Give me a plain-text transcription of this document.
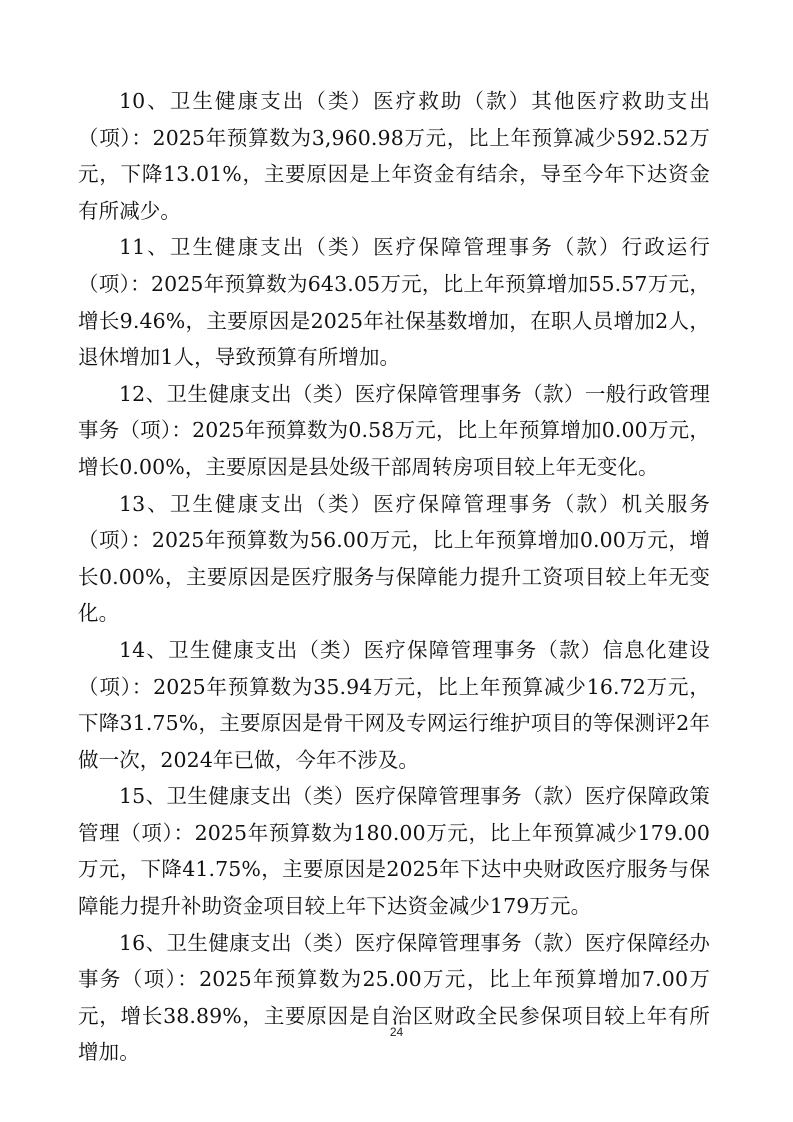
10、卫生健康支出（类）医疗救助（款）其他医疗救助支出（项）：2025年预算数为3,960.98万元，比上年预算减少592.52万元，下降13.01%，主要原因是上年资金有结余，导至今年下达资金有所减少。

11、卫生健康支出（类）医疗保障管理事务（款）行政运行（项）：2025年预算数为643.05万元，比上年预算增加55.57万元，增长9.46%，主要原因是2025年社保基数增加，在职人员增加2人，退休增加1人，导致预算有所增加。

12、卫生健康支出（类）医疗保障管理事务（款）一般行政管理事务（项）：2025年预算数为0.58万元，比上年预算增加0.00万元，增长0.00%，主要原因是县处级干部周转房项目较上年无变化。

13、卫生健康支出（类）医疗保障管理事务（款）机关服务（项）：2025年预算数为56.00万元，比上年预算增加0.00万元，增长0.00%，主要原因是医疗服务与保障能力提升工资项目较上年无变化。

14、卫生健康支出（类）医疗保障管理事务（款）信息化建设（项）：2025年预算数为35.94万元，比上年预算减少16.72万元，下降31.75%，主要原因是骨干网及专网运行维护项目的等保测评2年做一次，2024年已做，今年不涉及。

15、卫生健康支出（类）医疗保障管理事务（款）医疗保障政策管理（项）：2025年预算数为180.00万元，比上年预算减少179.00万元，下降41.75%，主要原因是2025年下达中央财政医疗服务与保障能力提升补助资金项目较上年下达资金减少179万元。

16、卫生健康支出（类）医疗保障管理事务（款）医疗保障经办事务（项）：2025年预算数为25.00万元，比上年预算增加7.00万元，增长38.89%，主要原因是自治区财政全民参保项目较上年有所增加。

24
